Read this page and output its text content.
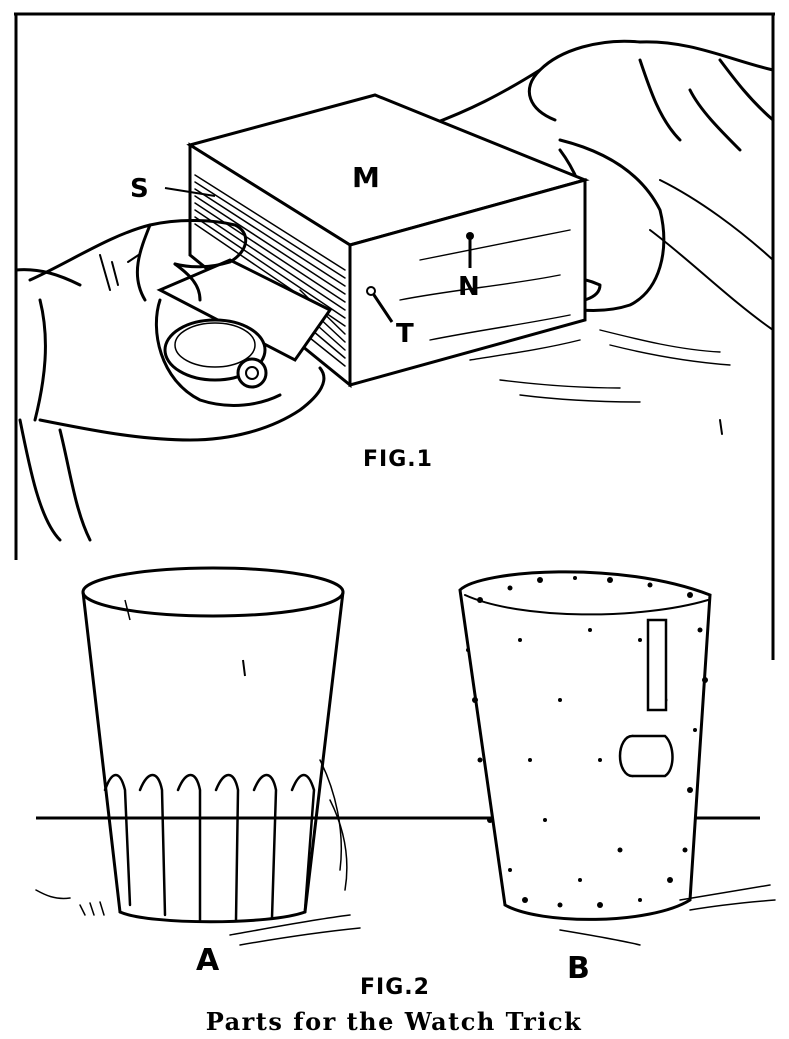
S	M
N
T
FIG.1
A	B
FIG.2
Parts for the Watch Trick
